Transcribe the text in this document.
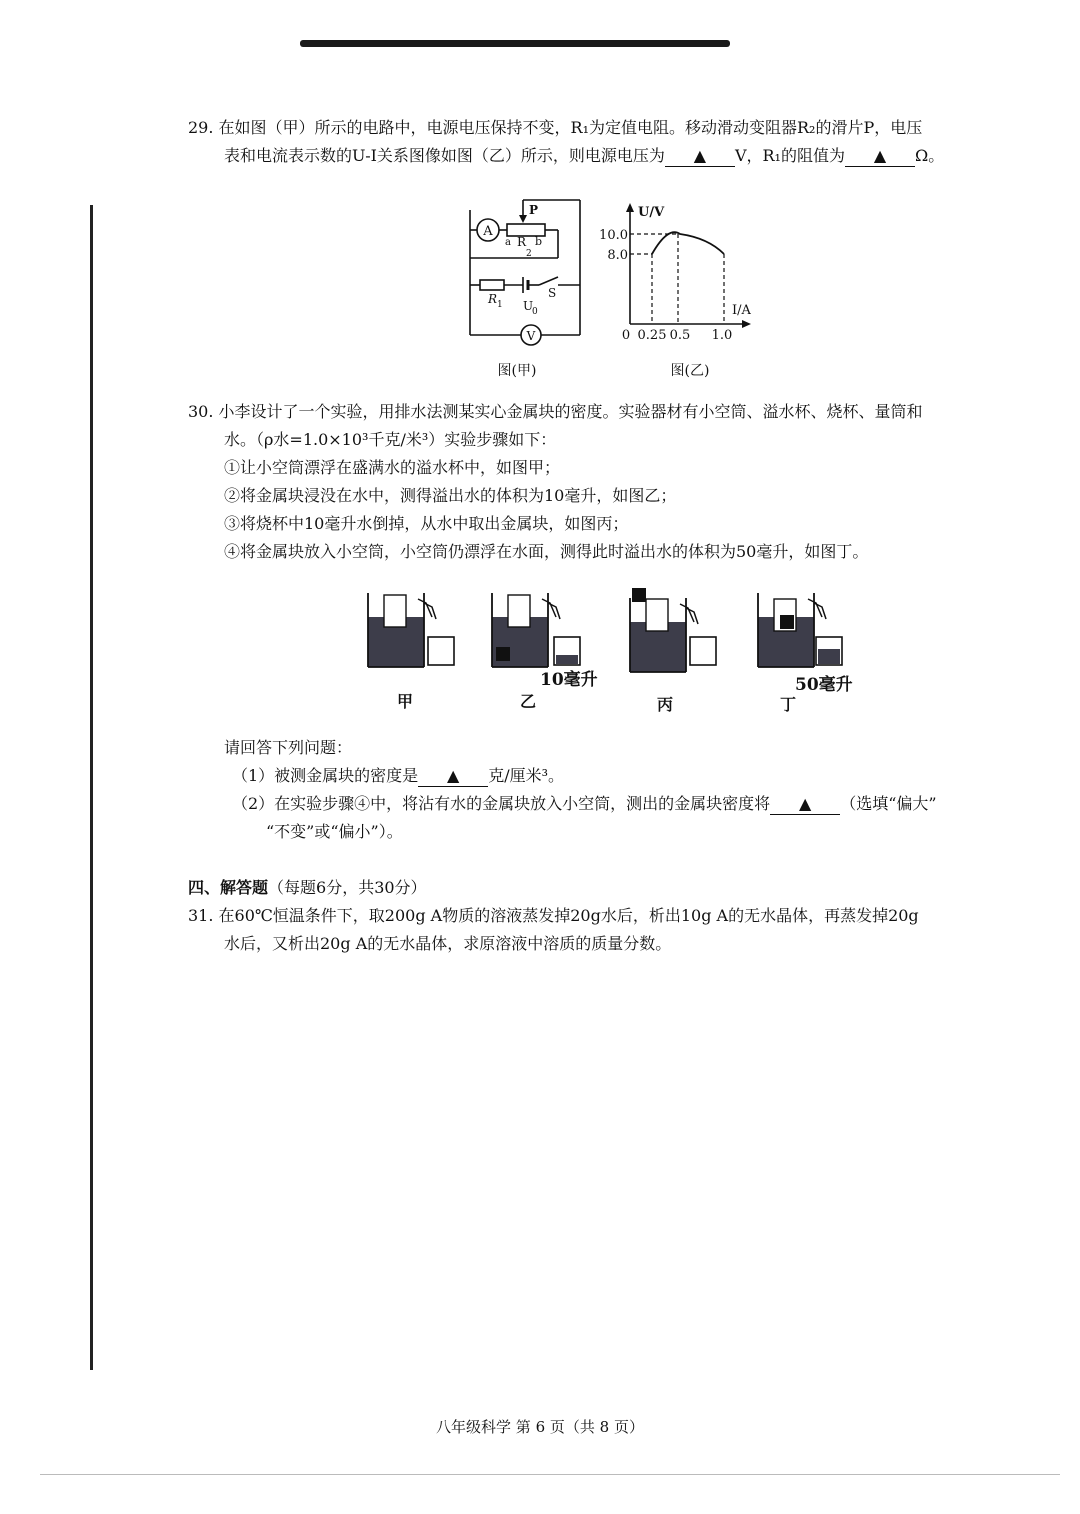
29. 在如图（甲）所示的电路中，电源电压保持不变，R₁为定值电阻。移动滑动变阻器R₂的滑片P，电压
表和电流表示数的U-I关系图像如图（乙）所示，则电源电压为 ▲ V，R₁的阻值为 ▲ Ω。
A
V
P
a R
2
b
R 1 U
0
S
图(甲)
U/V
I/A
10.0
8.0
0 0.25 0.5 1.0
图(乙)
30. 小李设计了一个实验，用排水法测某实心金属块的密度。实验器材有小空筒、溢水杯、烧杯、量筒和
水。（ρ水=1.0×10³千克/米³）实验步骤如下：
①让小空筒漂浮在盛满水的溢水杯中，如图甲；
②将金属块浸没在水中，测得溢出水的体积为10毫升，如图乙；
③将烧杯中10毫升水倒掉，从水中取出金属块，如图丙；
④将金属块放入小空筒，小空筒仍漂浮在水面，测得此时溢出水的体积为50毫升，如图丁。
10毫升	50毫升
甲	乙	丙	丁
请回答下列问题：
（1）被测金属块的密度是 ▲ 克/厘米³。
（2）在实验步骤④中，将沾有水的金属块放入小空筒，测出的金属块密度将 ▲ （选填“偏大”
“不变”或“偏小”）。
四、解答题（每题6分，共30分）
31. 在60℃恒温条件下，取200g A物质的溶液蒸发掉20g水后，析出10g A的无水晶体，再蒸发掉20g
水后，又析出20g A的无水晶体，求原溶液中溶质的质量分数。
八年级科学 第 6 页（共 8 页）
